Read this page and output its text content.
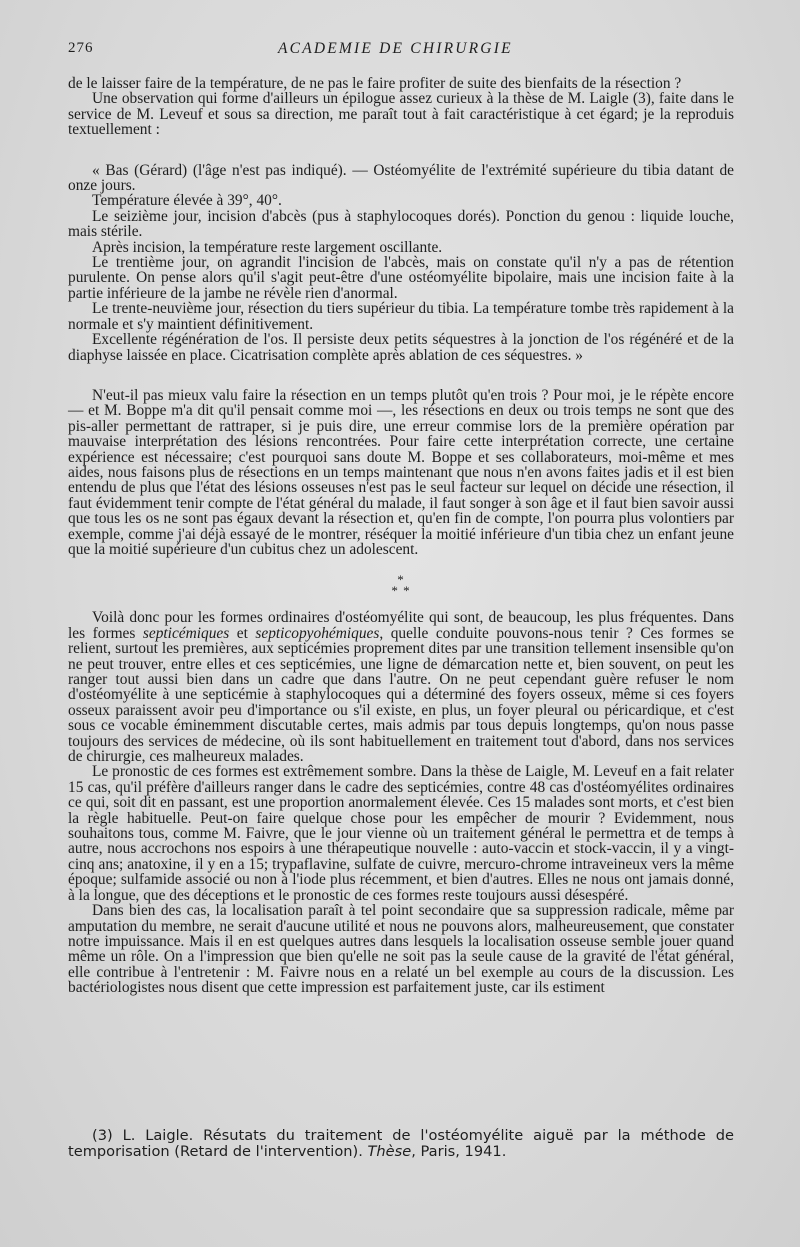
276	ACADEMIE DE CHIRURGIE

de le laisser faire de la température, de ne pas le faire profiter de suite des bienfaits de la résection ?

Une observation qui forme d'ailleurs un épilogue assez curieux à la thèse de M. Laigle (3), faite dans le service de M. Leveuf et sous sa direction, me paraît tout à fait caractéristique à cet égard; je la reproduis textuellement :

« Bas (Gérard) (l'âge n'est pas indiqué). — Ostéomyélite de l'extrémité supérieure du tibia datant de onze jours.

Température élevée à 39°, 40°.

Le seizième jour, incision d'abcès (pus à staphylocoques dorés). Ponction du genou : liquide louche, mais stérile.

Après incision, la température reste largement oscillante.

Le trentième jour, on agrandit l'incision de l'abcès, mais on constate qu'il n'y a pas de rétention purulente. On pense alors qu'il s'agit peut-être d'une ostéomyélite bipolaire, mais une incision faite à la partie inférieure de la jambe ne révèle rien d'anormal.

Le trente-neuvième jour, résection du tiers supérieur du tibia. La température tombe très rapidement à la normale et s'y maintient définitivement.

Excellente régénération de l'os. Il persiste deux petits séquestres à la jonction de l'os régénéré et de la diaphyse laissée en place. Cicatrisation complète après ablation de ces séquestres. »

N'eut-il pas mieux valu faire la résection en un temps plutôt qu'en trois ? Pour moi, je le répète encore — et M. Boppe m'a dit qu'il pensait comme moi —, les résections en deux ou trois temps ne sont que des pis-aller permettant de rattraper, si je puis dire, une erreur commise lors de la première opération par mauvaise interprétation des lésions rencontrées. Pour faire cette interprétation correcte, une certaine expérience est nécessaire; c'est pourquoi sans doute M. Boppe et ses collaborateurs, moi-même et mes aides, nous faisons plus de résections en un temps maintenant que nous n'en avons faites jadis et il est bien entendu de plus que l'état des lésions osseuses n'est pas le seul facteur sur lequel on décide une résection, il faut évidemment tenir compte de l'état général du malade, il faut songer à son âge et il faut bien savoir aussi que tous les os ne sont pas égaux devant la résection et, qu'en fin de compte, l'on pourra plus volontiers par exemple, comme j'ai déjà essayé de le montrer, réséquer la moitié inférieure d'un tibia chez un enfant jeune que la moitié supérieure d'un cubitus chez un adolescent.

*
* *

Voilà donc pour les formes ordinaires d'ostéomyélite qui sont, de beaucoup, les plus fréquentes. Dans les formes septicémiques et septicopyohémiques, quelle conduite pouvons-nous tenir ? Ces formes se relient, surtout les premières, aux septicémies proprement dites par une transition tellement insensible qu'on ne peut trouver, entre elles et ces septicémies, une ligne de démarcation nette et, bien souvent, on peut les ranger tout aussi bien dans un cadre que dans l'autre. On ne peut cependant guère refuser le nom d'ostéomyélite à une septicémie à staphylocoques qui a déterminé des foyers osseux, même si ces foyers osseux paraissent avoir peu d'importance ou s'il existe, en plus, un foyer pleural ou péricardique, et c'est sous ce vocable éminemment discutable certes, mais admis par tous depuis longtemps, qu'on nous passe toujours des services de médecine, où ils sont habituellement en traitement tout d'abord, dans nos services de chirurgie, ces malheureux malades.

Le pronostic de ces formes est extrêmement sombre. Dans la thèse de Laigle, M. Leveuf en a fait relater 15 cas, qu'il préfère d'ailleurs ranger dans le cadre des septicémies, contre 48 cas d'ostéomyélites ordinaires ce qui, soit dit en passant, est une proportion anormalement élevée. Ces 15 malades sont morts, et c'est bien la règle habituelle. Peut-on faire quelque chose pour les empêcher de mourir ? Evidemment, nous souhaitons tous, comme M. Faivre, que le jour vienne où un traitement général le permettra et de temps à autre, nous accrochons nos espoirs à une thérapeutique nouvelle : auto-vaccin et stock-vaccin, il y a vingt-cinq ans; anatoxine, il y en a 15; trypaflavine, sulfate de cuivre, mercuro-chrome intraveineux vers la même époque; sulfamide associé ou non à l'iode plus récemment, et bien d'autres. Elles ne nous ont jamais donné, à la longue, que des déceptions et le pronostic de ces formes reste toujours aussi désespéré.

Dans bien des cas, la localisation paraît à tel point secondaire que sa suppression radicale, même par amputation du membre, ne serait d'aucune utilité et nous ne pouvons alors, malheureusement, que constater notre impuissance. Mais il en est quelques autres dans lesquels la localisation osseuse semble jouer quand même un rôle. On a l'impression que bien qu'elle ne soit pas la seule cause de la gravité de l'état général, elle contribue à l'entretenir : M. Faivre nous en a relaté un bel exemple au cours de la discussion. Les bactériologistes nous disent que cette impression est parfaitement juste, car ils estiment

(3) L. Laigle. Résutats du traitement de l'ostéomyélite aiguë par la méthode de temporisation (Retard de l'intervention). Thèse, Paris, 1941.
